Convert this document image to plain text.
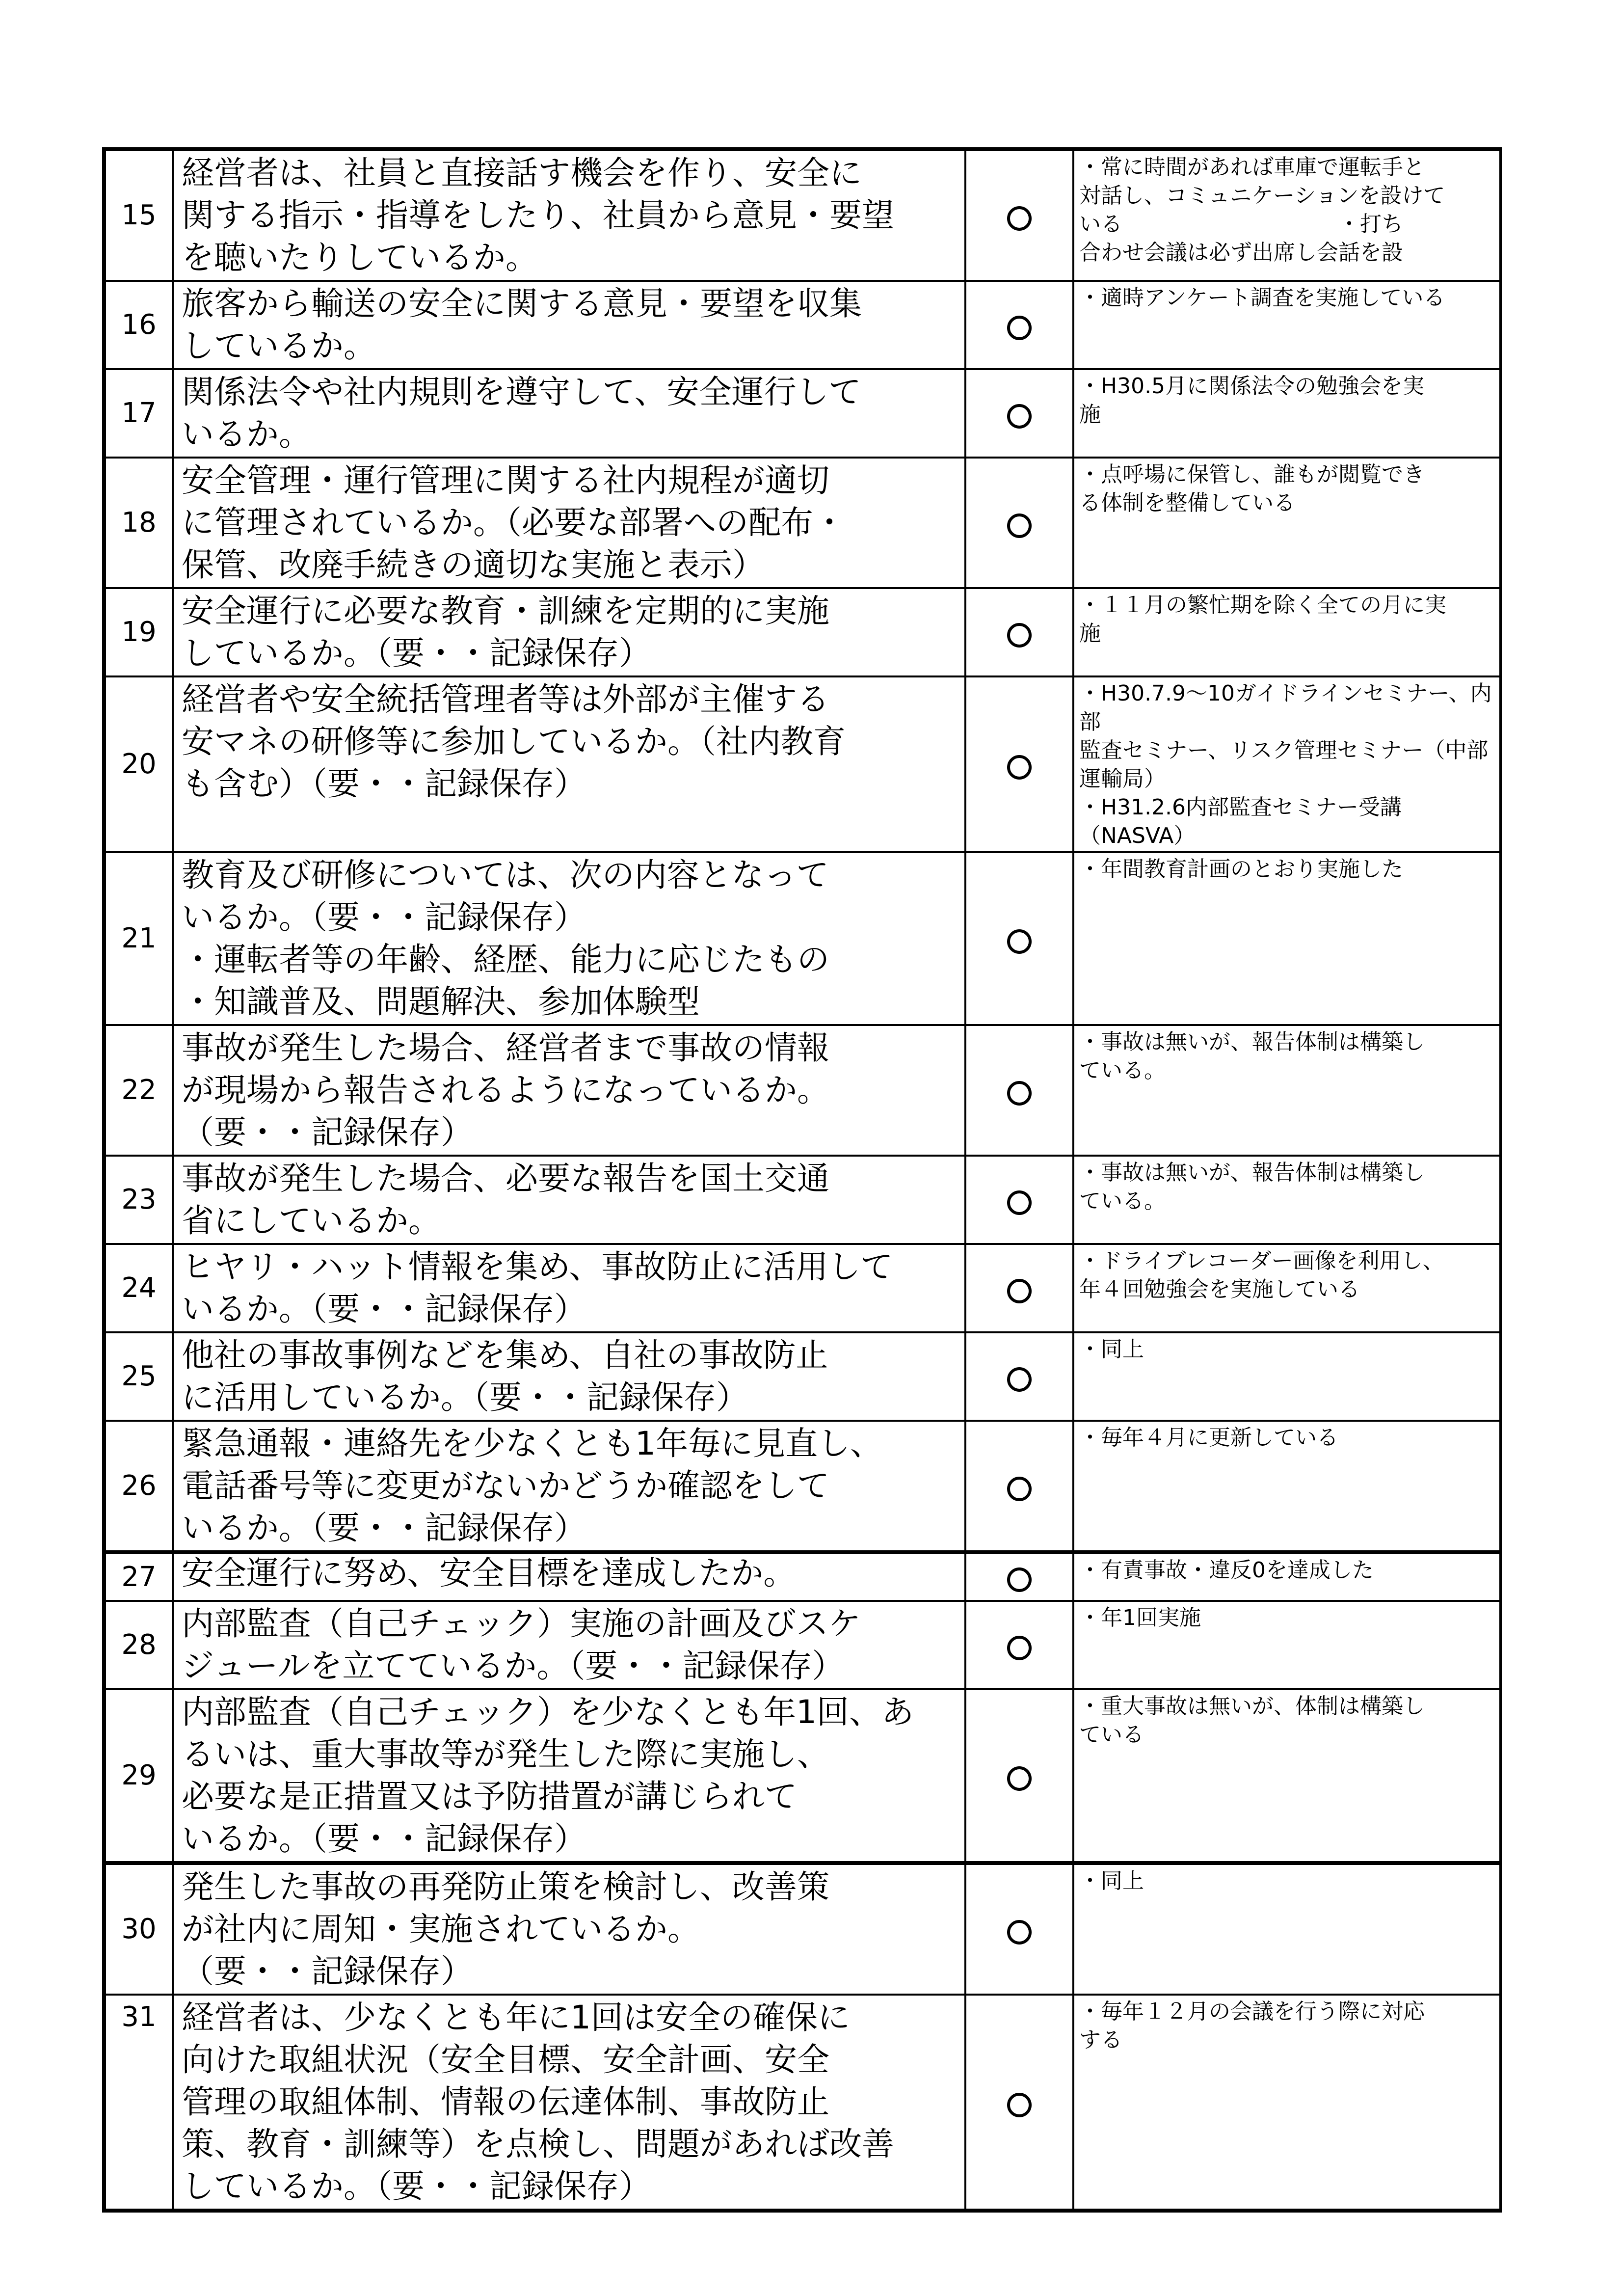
15	経営者は、社員と直接話す機会を作り、安全に
関する指示・指導をしたり、社員から意見・要望
を聴いたりしているか。		・常に時間があれば車庫で運転手と
対話し、コミュニケーションを設けて
いる　　　　　　　　　　・打ち
合わせ会議は必ず出席し会話を設
16	旅客から輸送の安全に関する意見・要望を収集
しているか。		・適時アンケート調査を実施している
17	関係法令や社内規則を遵守して、安全運行して
いるか。		・H30.5月に関係法令の勉強会を実
施
18	安全管理・運行管理に関する社内規程が適切
に管理されているか。（必要な部署への配布・
保管、改廃手続きの適切な実施と表示）		・点呼場に保管し、誰もが閲覧でき
る体制を整備している
19	安全運行に必要な教育・訓練を定期的に実施
しているか。（要・・記録保存）		・１１月の繁忙期を除く全ての月に実
施
20	経営者や安全統括管理者等は外部が主催する
安マネの研修等に参加しているか。（社内教育
も含む）（要・・記録保存）		・H30.7.9～10ガイドラインセミナー、内部
監査セミナー、リスク管理セミナー（中部
運輸局）
・H31.2.6内部監査セミナー受講
（NASVA）
21	教育及び研修については、次の内容となって
いるか。（要・・記録保存）
・運転者等の年齢、経歴、能力に応じたもの
・知識普及、問題解決、参加体験型		・年間教育計画のとおり実施した
22	事故が発生した場合、経営者まで事故の情報
が現場から報告されるようになっているか。
（要・・記録保存）		・事故は無いが、報告体制は構築し
ている。
23	事故が発生した場合、必要な報告を国土交通
省にしているか。		・事故は無いが、報告体制は構築し
ている。
24	ヒヤリ・ハット情報を集め、事故防止に活用して
いるか。（要・・記録保存）		・ドライブレコーダー画像を利用し、
年４回勉強会を実施している
25	他社の事故事例などを集め、自社の事故防止
に活用しているか。（要・・記録保存）		・同上
26	緊急通報・連絡先を少なくとも1年毎に見直し、
電話番号等に変更がないかどうか確認をして
いるか。（要・・記録保存）		・毎年４月に更新している
27	安全運行に努め、安全目標を達成したか。		・有責事故・違反0を達成した
28	内部監査（自己チェック）実施の計画及びスケ
ジュールを立てているか。（要・・記録保存）		・年1回実施
29	内部監査（自己チェック）を少なくとも年1回、あ
るいは、重大事故等が発生した際に実施し、
必要な是正措置又は予防措置が講じられて
いるか。（要・・記録保存）		・重大事故は無いが、体制は構築し
ている
30	発生した事故の再発防止策を検討し、改善策
が社内に周知・実施されているか。
（要・・記録保存）		・同上
31	経営者は、少なくとも年に1回は安全の確保に
向けた取組状況（安全目標、安全計画、安全
管理の取組体制、情報の伝達体制、事故防止
策、教育・訓練等）を点検し、問題があれば改善
しているか。（要・・記録保存）		・毎年１２月の会議を行う際に対応
する
